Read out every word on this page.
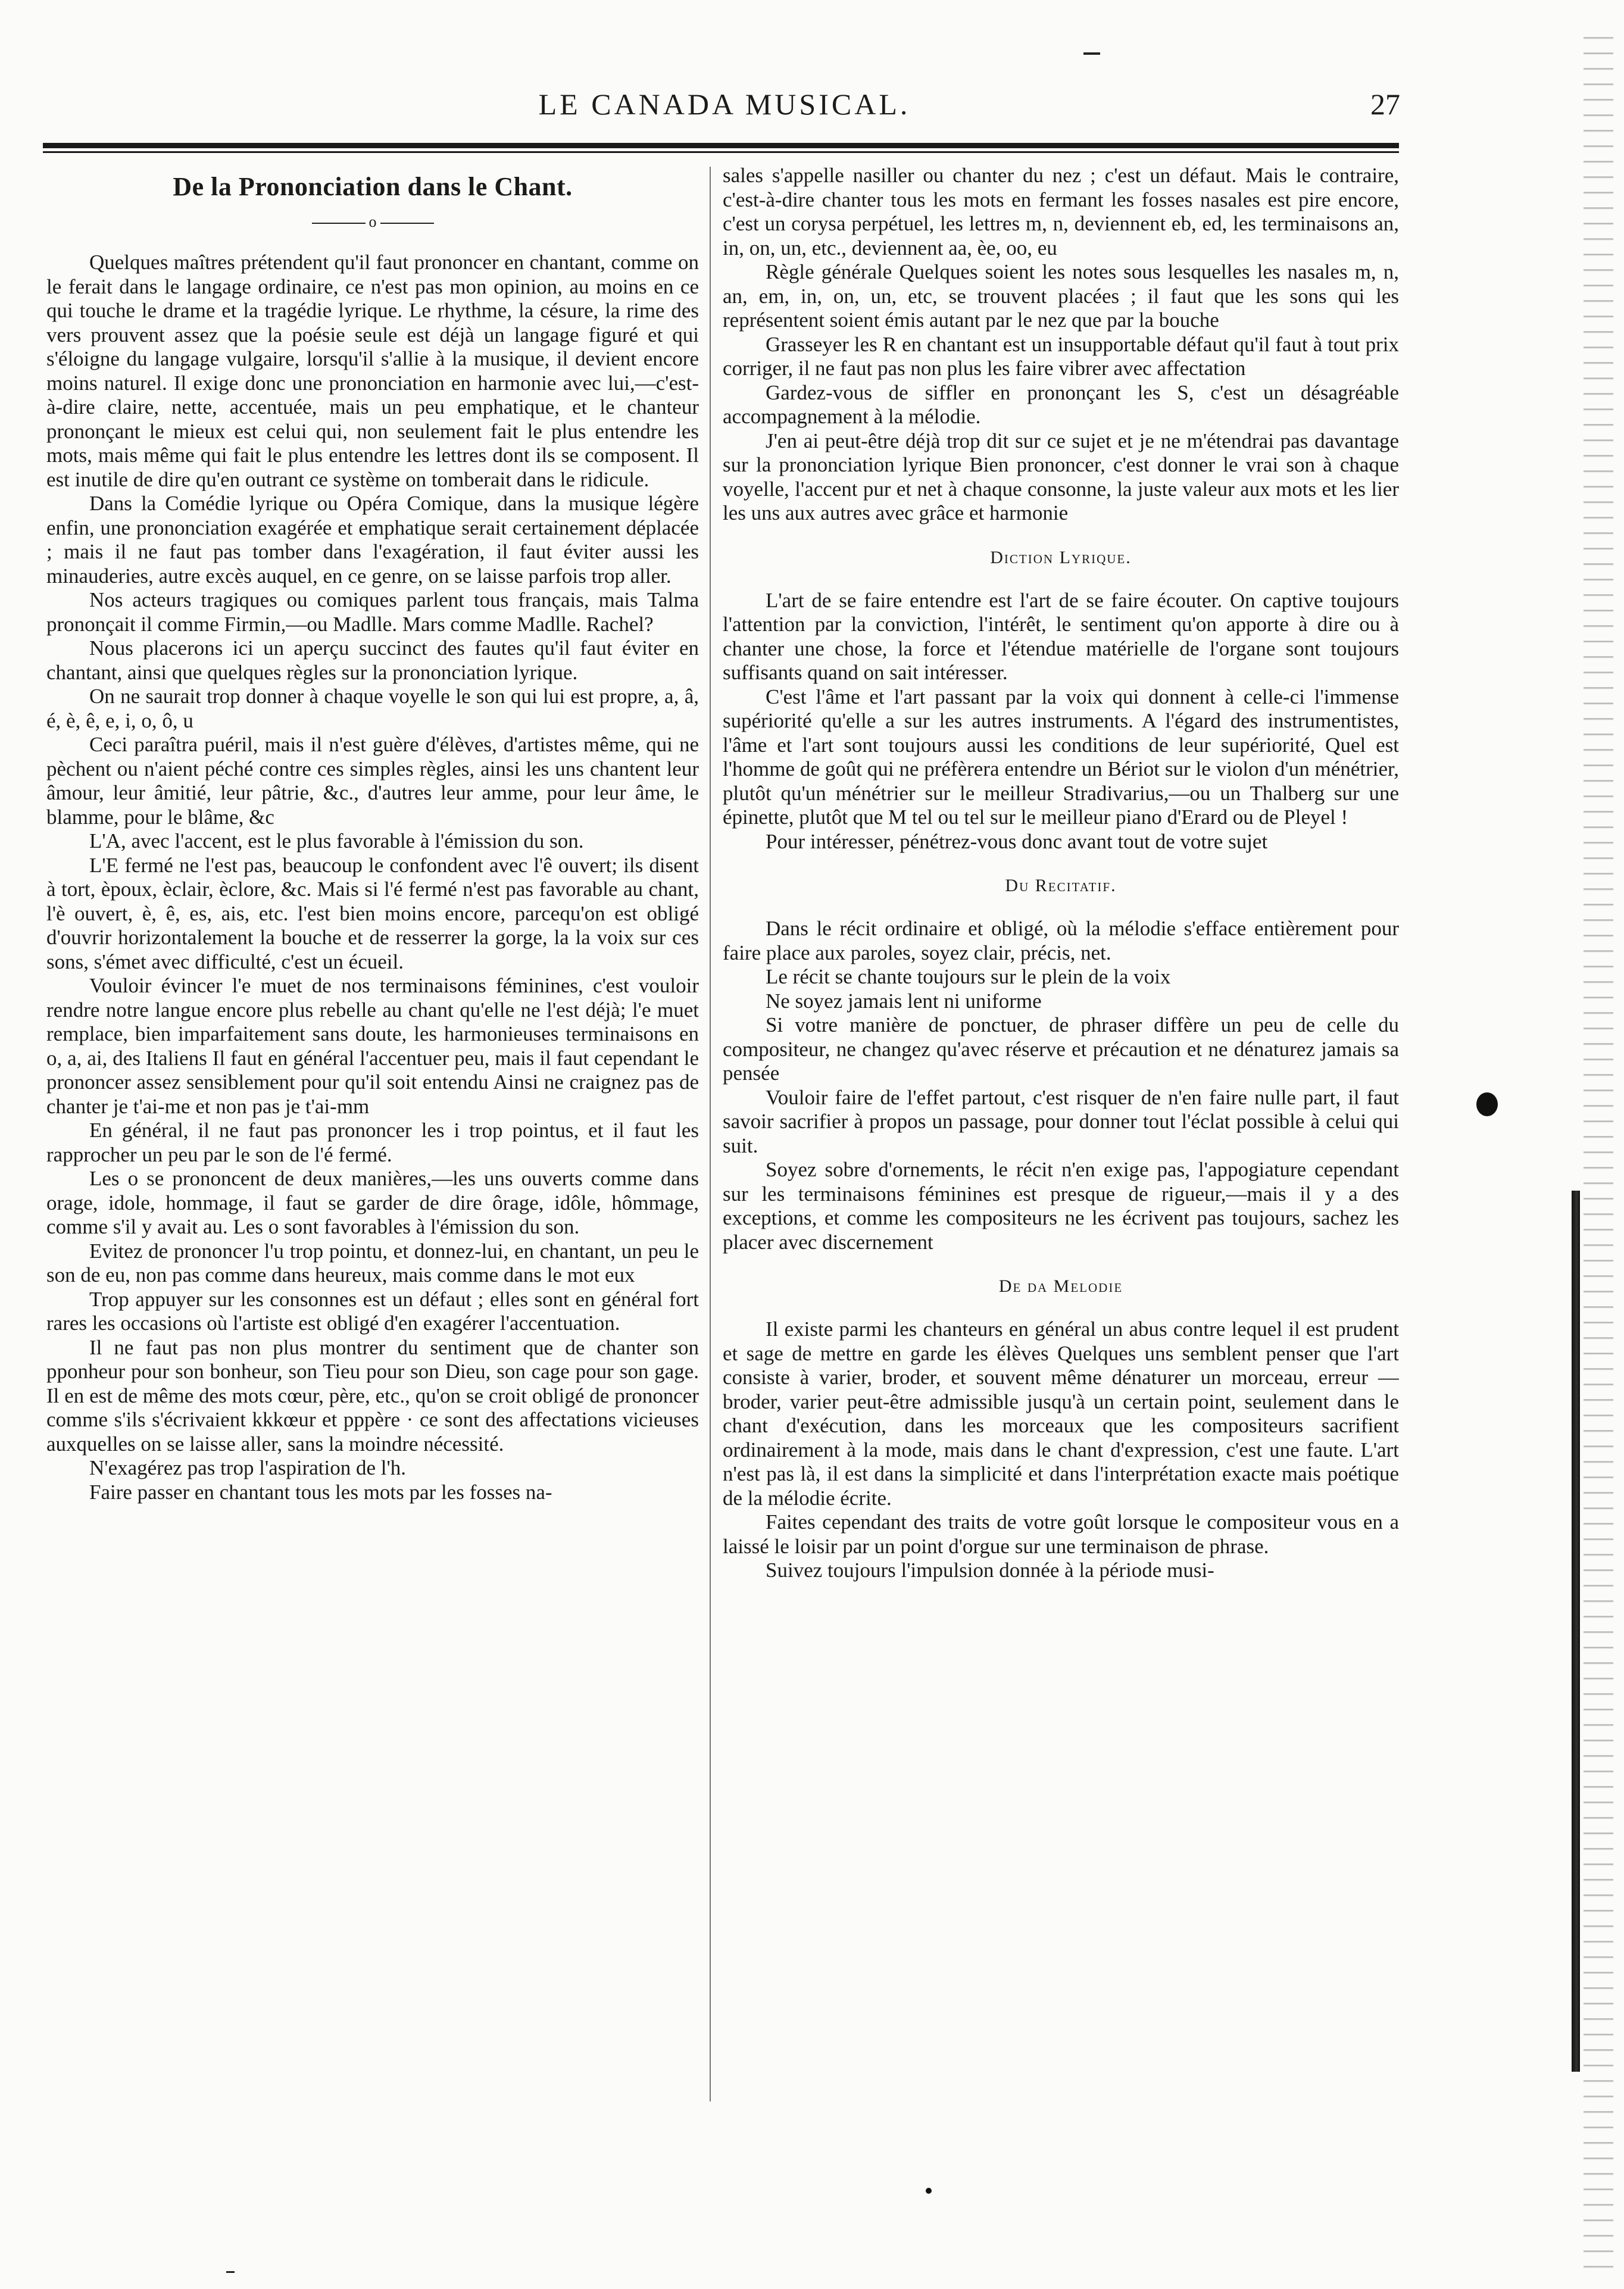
LE CANADA MUSICAL.	27
De la Prononciation dans le Chant.
o

Quelques maîtres prétendent qu'il faut prononcer en chantant, comme on le ferait dans le langage ordinaire, ce n'est pas mon opinion, au moins en ce qui touche le drame et la tragédie lyrique. Le rhythme, la césure, la rime des vers prouvent assez que la poésie seule est déjà un langage figuré et qui s'éloigne du langage vulgaire, lorsqu'il s'allie à la musique, il devient encore moins naturel. Il exige donc une prononciation en harmonie avec lui,—c'est-à-dire claire, nette, accentuée, mais un peu emphatique, et le chanteur prononçant le mieux est celui qui, non seulement fait le plus entendre les mots, mais même qui fait le plus entendre les lettres dont ils se composent. Il est inutile de dire qu'en outrant ce système on tomberait dans le ridicule.

Dans la Comédie lyrique ou Opéra Comique, dans la musique légère enfin, une prononciation exagérée et emphatique serait certainement déplacée ; mais il ne faut pas tomber dans l'exagération, il faut éviter aussi les minauderies, autre excès auquel, en ce genre, on se laisse parfois trop aller.

Nos acteurs tragiques ou comiques parlent tous français, mais Talma prononçait il comme Firmin,—ou Madlle. Mars comme Madlle. Rachel?

Nous placerons ici un aperçu succinct des fautes qu'il faut éviter en chantant, ainsi que quelques règles sur la prononciation lyrique.

On ne saurait trop donner à chaque voyelle le son qui lui est propre, a, â, é, è, ê, e, i, o, ô, u

Ceci paraîtra puéril, mais il n'est guère d'élèves, d'artistes même, qui ne pèchent ou n'aient péché contre ces simples règles, ainsi les uns chantent leur âmour, leur âmitié, leur pâtrie, &c., d'autres leur amme, pour leur âme, le blamme, pour le blâme, &c

L'A, avec l'accent, est le plus favorable à l'émission du son.

L'E fermé ne l'est pas, beaucoup le confondent avec l'ê ouvert; ils disent à tort, èpoux, èclair, èclore, &c. Mais si l'é fermé n'est pas favorable au chant, l'è ouvert, è, ê, es, ais, etc. l'est bien moins encore, parcequ'on est obligé d'ouvrir horizontalement la bouche et de resserrer la gorge, la la voix sur ces sons, s'émet avec difficulté, c'est un écueil.

Vouloir évincer l'e muet de nos terminaisons féminines, c'est vouloir rendre notre langue encore plus rebelle au chant qu'elle ne l'est déjà; l'e muet remplace, bien imparfaitement sans doute, les harmonieuses terminaisons en o, a, ai, des Italiens Il faut en général l'accentuer peu, mais il faut cependant le prononcer assez sensiblement pour qu'il soit entendu Ainsi ne craignez pas de chanter je t'ai-me et non pas je t'ai-mm

En général, il ne faut pas prononcer les i trop pointus, et il faut les rapprocher un peu par le son de l'é fermé.

Les o se prononcent de deux manières,—les uns ouverts comme dans orage, idole, hommage, il faut se garder de dire ôrage, idôle, hômmage, comme s'il y avait au. Les o sont favorables à l'émission du son.

Evitez de prononcer l'u trop pointu, et donnez-lui, en chantant, un peu le son de eu, non pas comme dans heureux, mais comme dans le mot eux

Trop appuyer sur les consonnes est un défaut ; elles sont en général fort rares les occasions où l'artiste est obligé d'en exagérer l'accentuation.

Il ne faut pas non plus montrer du sentiment que de chanter son pponheur pour son bonheur, son Tieu pour son Dieu, son cage pour son gage. Il en est de même des mots cœur, père, etc., qu'on se croit obligé de prononcer comme s'ils s'écrivaient kkkœur et pppère · ce sont des affectations vicieuses auxquelles on se laisse aller, sans la moindre nécessité.

N'exagérez pas trop l'aspiration de l'h.

Faire passer en chantant tous les mots par les fosses na-

sales s'appelle nasiller ou chanter du nez ; c'est un défaut. Mais le contraire, c'est-à-dire chanter tous les mots en fermant les fosses nasales est pire encore, c'est un corysa perpétuel, les lettres m, n, deviennent eb, ed, les terminaisons an, in, on, un, etc., deviennent aa, èe, oo, eu

Règle générale Quelques soient les notes sous lesquelles les nasales m, n, an, em, in, on, un, etc, se trouvent placées ; il faut que les sons qui les représentent soient émis autant par le nez que par la bouche

Grasseyer les R en chantant est un insupportable défaut qu'il faut à tout prix corriger, il ne faut pas non plus les faire vibrer avec affectation

Gardez-vous de siffler en prononçant les S, c'est un désagréable accompagnement à la mélodie.

J'en ai peut-être déjà trop dit sur ce sujet et je ne m'étendrai pas davantage sur la prononciation lyrique Bien prononcer, c'est donner le vrai son à chaque voyelle, l'accent pur et net à chaque consonne, la juste valeur aux mots et les lier les uns aux autres avec grâce et harmonie

Diction Lyrique.

L'art de se faire entendre est l'art de se faire écouter. On captive toujours l'attention par la conviction, l'intérêt, le sentiment qu'on apporte à dire ou à chanter une chose, la force et l'étendue matérielle de l'organe sont toujours suffisants quand on sait intéresser.

C'est l'âme et l'art passant par la voix qui donnent à celle-ci l'immense supériorité qu'elle a sur les autres instruments. A l'égard des instrumentistes, l'âme et l'art sont toujours aussi les conditions de leur supériorité, Quel est l'homme de goût qui ne préfèrera entendre un Bériot sur le violon d'un ménétrier, plutôt qu'un ménétrier sur le meilleur Stradivarius,—ou un Thalberg sur une épinette, plutôt que M tel ou tel sur le meilleur piano d'Erard ou de Pleyel !

Pour intéresser, pénétrez-vous donc avant tout de votre sujet

Du Recitatif.

Dans le récit ordinaire et obligé, où la mélodie s'efface entièrement pour faire place aux paroles, soyez clair, précis, net.

Le récit se chante toujours sur le plein de la voix

Ne soyez jamais lent ni uniforme

Si votre manière de ponctuer, de phraser diffère un peu de celle du compositeur, ne changez qu'avec réserve et précaution et ne dénaturez jamais sa pensée

Vouloir faire de l'effet partout, c'est risquer de n'en faire nulle part, il faut savoir sacrifier à propos un passage, pour donner tout l'éclat possible à celui qui suit.

Soyez sobre d'ornements, le récit n'en exige pas, l'appogiature cependant sur les terminaisons féminines est presque de rigueur,—mais il y a des exceptions, et comme les compositeurs ne les écrivent pas toujours, sachez les placer avec discernement

De da Melodie

Il existe parmi les chanteurs en général un abus contre lequel il est prudent et sage de mettre en garde les élèves Quelques uns semblent penser que l'art consiste à varier, broder, et souvent même dénaturer un morceau, erreur —broder, varier peut-être admissible jusqu'à un certain point, seulement dans le chant d'exécution, dans les morceaux que les compositeurs sacrifient ordinairement à la mode, mais dans le chant d'expression, c'est une faute. L'art n'est pas là, il est dans la simplicité et dans l'interprétation exacte mais poétique de la mélodie écrite.

Faites cependant des traits de votre goût lorsque le compositeur vous en a laissé le loisir par un point d'orgue sur une terminaison de phrase.

Suivez toujours l'impulsion donnée à la période musi-
